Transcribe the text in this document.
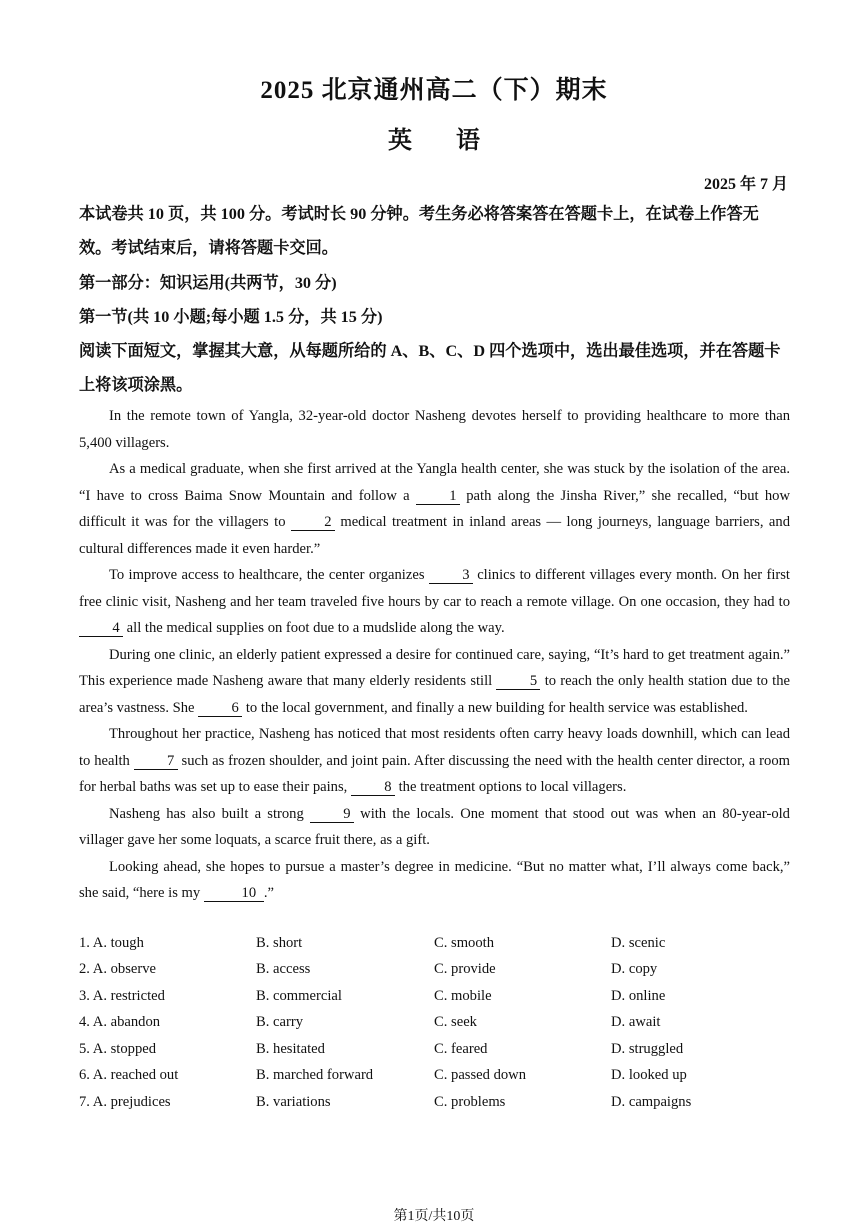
2025 北京通州高二（下）期末
英 语
2025 年 7 月
本试卷共 10 页，共 100 分。考试时长 90 分钟。考生务必将答案答在答题卡上，在试卷上作答无效。考试结束后，请将答题卡交回。
第一部分：知识运用(共两节，30 分)
第一节(共 10 小题;每小题 1.5 分，共 15 分)
阅读下面短文，掌握其大意，从每题所给的 A、B、C、D 四个选项中，选出最佳选项，并在答题卡上将该项涂黑。

In the remote town of Yangla, 32-year-old doctor Nasheng devotes herself to providing healthcare to more than 5,400 villagers.

As a medical graduate, when she first arrived at the Yangla health center, she was stuck by the isolation of the area. “I have to cross Baima Snow Mountain and follow a	1 path along the Jinsha River,” she recalled, “but how difficult it was for the villagers to	2 medical treatment in inland areas — long journeys, language barriers, and cultural differences made it even harder.”

To improve access to healthcare, the center organizes	3 clinics to different villages every month. On her first free clinic visit, Nasheng and her team traveled five hours by car to reach a remote village. On one occasion, they had to 4 all the medical supplies on foot due to a mudslide along the way.

During one clinic, an elderly patient expressed a desire for continued care, saying, “It’s hard to get treatment again.” This experience made Nasheng aware that many elderly residents still	5 to reach the only health station due to the area’s vastness. She	6 to the local government, and finally a new building for health service was established.

Throughout her practice, Nasheng has noticed that most residents often carry heavy loads downhill, which can lead to health	7 such as frozen shoulder, and joint pain. After discussing the need with the health center director, a room for herbal baths was set up to ease their pains,	8 the treatment options to local villagers.

Nasheng has also built a strong	9 with the locals. One moment that stood out was when an 80-year-old villager gave her some loquats, a scarce fruit there, as a gift.

Looking ahead, she hopes to pursue a master’s degree in medicine. “But no matter what, I’ll always come back,” she said, “here is my	10 .”

1. A. tough	B. short	C. smooth	D. scenic
2. A. observe	B. access	C. provide	D. copy
3. A. restricted	B. commercial	C. mobile	D. online
4. A. abandon	B. carry	C. seek	D. await
5. A. stopped	B. hesitated	C. feared	D. struggled
6. A. reached out	B. marched forward	C. passed down	D. looked up
7. A. prejudices	B. variations	C. problems	D. campaigns
第1页/共10页
